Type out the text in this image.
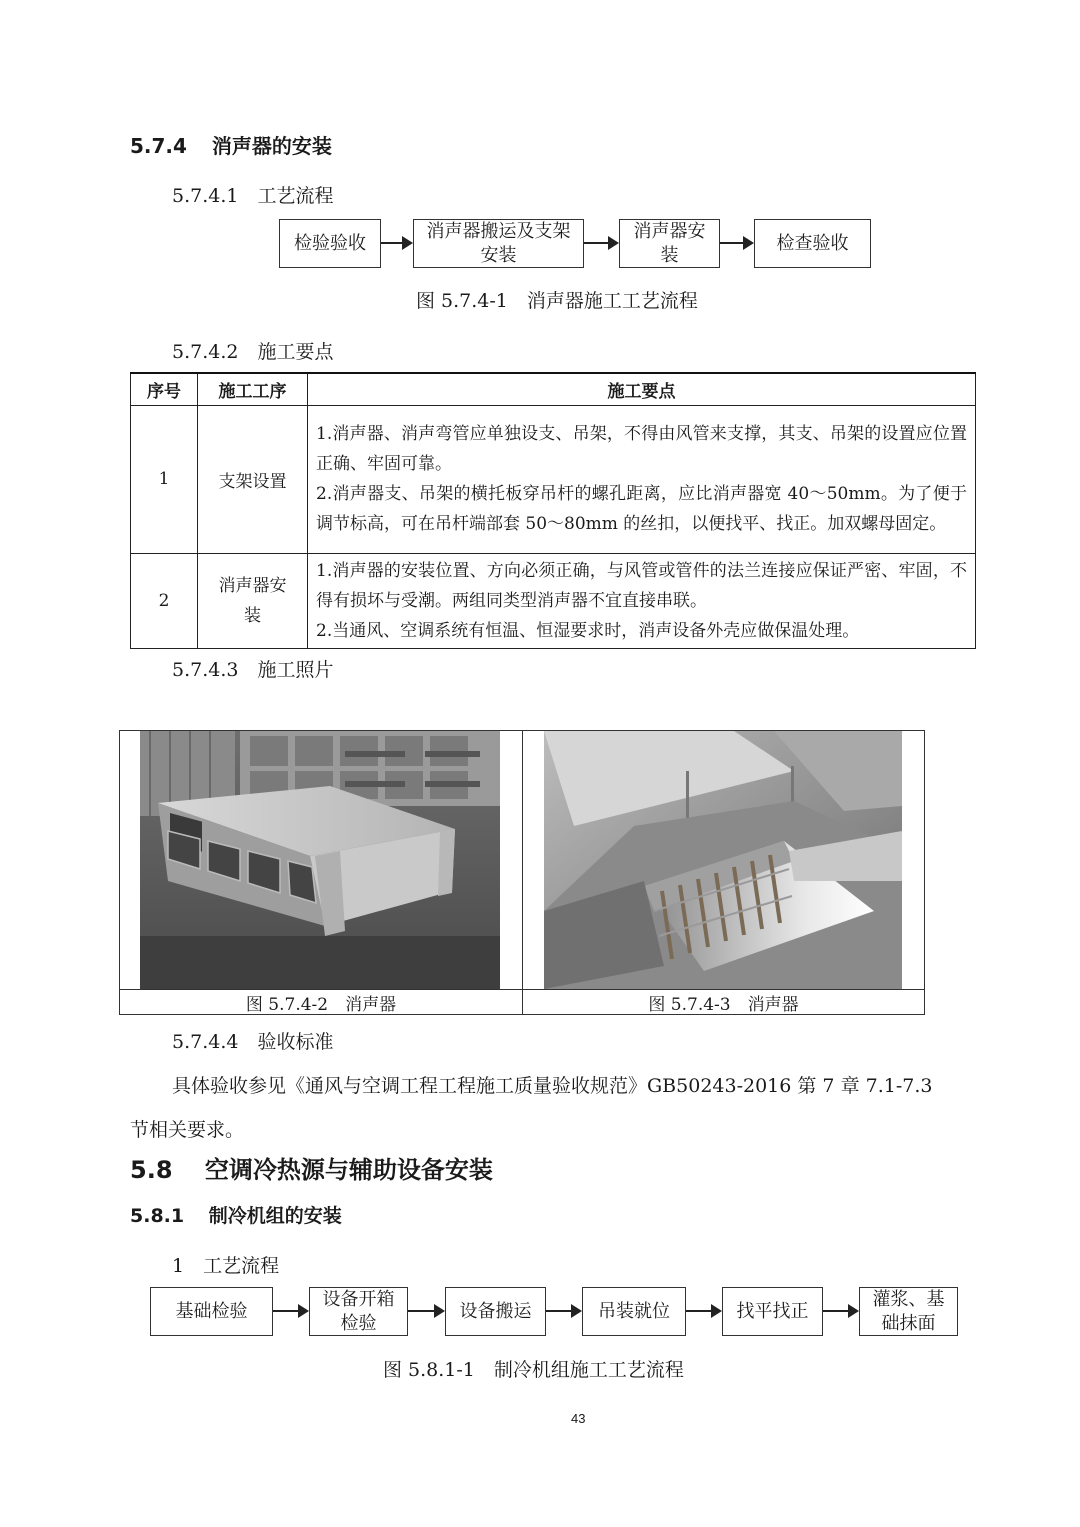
5.7.4 消声器的安装
5.7.4.1　工艺流程
检验验收
消声器搬运及支架安装
消声器安装
检查验收
图 5.7.4-1　消声器施工工艺流程
5.7.4.2　施工要点
序号	施工工序	施工要点
1	支架设置	1.消声器、消声弯管应单独设支、吊架，不得由风管来支撑，其支、吊架的设置应位置正确、牢固可靠。
2.消声器支、吊架的横托板穿吊杆的螺孔距离，应比消声器宽 40～50mm。为了便于调节标高，可在吊杆端部套 50～80mm 的丝扣，以便找平、找正。加双螺母固定。

2	消声器安装	1.消声器的安装位置、方向必须正确，与风管或管件的法兰连接应保证严密、牢固，不得有损坏与受潮。两组同类型消声器不宜直接串联。
2.当通风、空调系统有恒温、恒湿要求时，消声设备外壳应做保温处理。
5.7.4.3　施工照片
图 5.7.4-2　消声器	图 5.7.4-3　消声器
5.7.4.4　验收标准
具体验收参见《通风与空调工程工程施工质量验收规范》GB50243-2016 第 7 章 7.1-7.3
节相关要求。
5.8 空调冷热源与辅助设备安装
5.8.1 制冷机组的安装
1　工艺流程
基础检验
设备开箱检验
设备搬运	吊装就位	找平找正
灌浆、基础抹面
图 5.8.1-1　制冷机组施工工艺流程
43
